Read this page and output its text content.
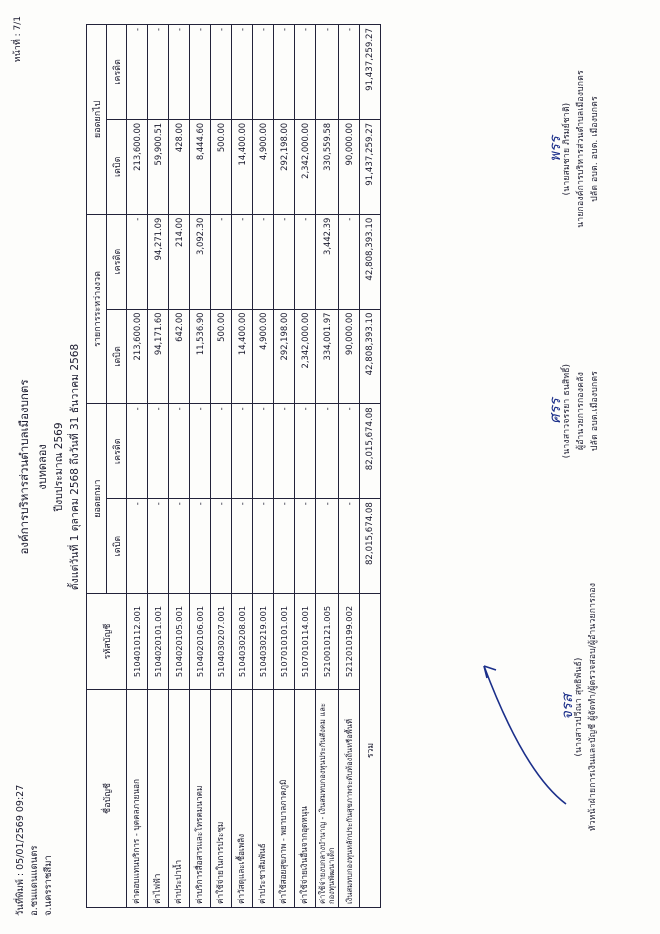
วันที่พิมพ์ : 05/01/2569 09:27 อ.ชนแดนแดนตร จ.นครราชสีมา
หน้าที่ : 7/1
องค์การบริหารส่วนตำบลเมืองบกตร งบทดลอง ปีงบประมาณ 2569 ตั้งแต่วันที่ 1 ตุลาคม 2568 ถึงวันที่ 31 ธันวาคม 2568
ชื่อบัญชี	รหัสบัญชี	ยอดยกมา		รายการระหว่างงวด		ยอดยกไป	
		เดบิต	เครดิต	เดบิต	เครดิต	เดบิต	เครดิต
ค่าตอบแทนบริการ - บุคคลภายนอก	5104010112.001	-	-	213,600.00	-	213,600.00	-
ค่าไฟฟ้า	5104020101.001	-	-	94,171.60	94,271.09	59,900.51	-
ค่าประปาน้ำ	5104020105.001	-	-	642.00	214.00	428.00	-
ค่าบริการสื่อสารและโทรคมนาคม	5104020106.001	-	-	11,536.90	3,092.30	8,444.60	-
ค่าใช้จ่ายในการประชุม	5104030207.001	-	-	500.00	-	500.00	-
ค่าวัสดุและเชื้อเพลิง	5104030208.001	-	-	14,400.00	-	14,400.00	-
ค่าประชาสัมพันธ์	5104030219.001	-	-	4,900.00	-	4,900.00	-
ค่าใช้สอยสุขภาพ - พยาบาลภาคภูมิ	5107010101.001	-	-	292,198.00	-	292,198.00	-
ค่าใช้จ่ายเงินอื่นจากอุดหนุน	5107010114.001	-	-	2,342,000.00	-	2,342,000.00	-
ค่าใช้จ่ายงบกลางบำนาญ - เงินสมทบกองทุนประกันสังคม และกองทุนพัฒนาเด็ก	5210010121.005	-	-	334,001.97	3,442.39	330,559.58	-
เงินสมทบกองทุนหลักประกันสุขภาพระดับท้องถิ่นหรือพื้นที่	5212010199.002	-	-	90,000.00	-	90,000.00	-
รวม		82,015,674.08	82,015,674.08	42,808,393.10	42,808,393.10	91,437,259.27	91,437,259.27
จรส
(นางสาวปวีณา สุทธิพันธ์) หัวหน้าฝ่ายการเงินและบัญชี ผู้จัดทำ/ผู้ตรวจสอบ/ผู้อำนวยการกอง
ศรร
(นางสาวจรรยา ธนสิทธิ์) ผู้อำนวยการกองคลัง ปลัด อบต.เมืองบกตร
พรร
(นายสมชาย ภิรมย์ชาติ) นายกองค์การบริหารส่วนตำบลเมืองบกตร ปลัด อบต. อบต. เมืองบกตร
